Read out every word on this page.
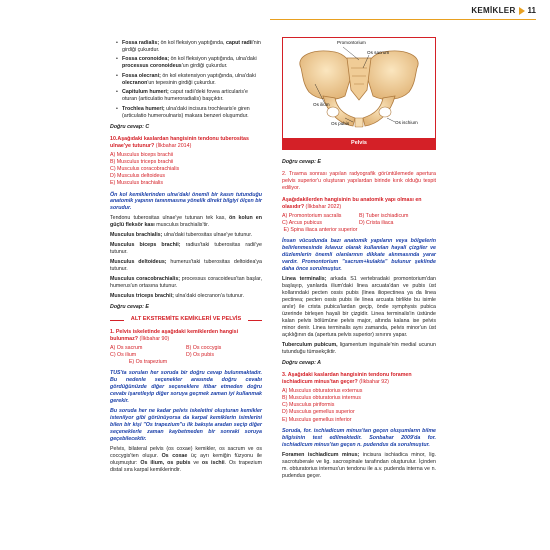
KEMİKLER 11
• Fossa radialis; ön kol fleksiyon yaptığında, caput radii'nin girdiği çukurdur.
• Fossa coronoidea; ön kol fleksiyon yaptığında, ulna'daki processus coronoideus'un girdiği çukurdur.
• Fossa olecrani; ön kol ekstensiyon yaptığında, ulna'daki olecranon'un tepesinin girdiği çukurdur.
• Capitulum humeri; caput radii'deki fovea articularis'e oturan (articulatio humeroradialis) başçıktır.
• Trochlea humeri; ulna'daki incisura trochlearis'e giren (articulatio humeroulnaris) makara benzeri oluşumdur.
Doğru cevap: C
10.Aşağıdaki kaslardan hangisinin tendonu tuberositas ulnae'ye tutunur? (İlkbahar 2014)
A) Musculus biceps brachii
B) Musculus triceps brachii
C) Musculus coracobrachialis
D) Musculus deltoideus
E) Musculus brachialis

Ön kol kemiklerinden ulna'daki önemli bir kasın tutunduğu anatomik yapının tanınmasına yönelik direkt bilgiyi ölçen bir sorudur.

Tendonu tuberositas ulnae'ye tutunan tek kas, ön kolun en güçlü fleksör kası musculus brachialis'tir.

Musculus brachialis; ulna'daki tuberositas ulnae'ye tutunur.

Musculus biceps brachii; radius'taki tuberositas radii'ye tutunur.

Musculus deltoideus; humerus'taki tuberositas deltoidea'ya tutunur.

Musculus coracobrachialis; processus coracoideus'tan başlar, humerus'un ortasına tutunur.

Musculus triceps brachii; ulna'daki olecranon'a tutunur.

Doğru cevap: E
ALT EKSTREMİTE KEMİKLERİ VE PELVİS
1. Pelvis iskeletinde aşağıdaki kemiklerden hangisi bulunmaz? (İlkbahar 90)
A) Os sacrum	B) Os coccygis
C) Os ilium	D) Os pubis
E) Os trapezium

TUS'ta sorulan her soruda bir doğru cevap bulunmaktadır. Bu nedenle seçenekler arasında doğru cevabı gördüğünüzde diğer seçeneklere itibar etmeden doğru cevabı işaretleyip diğer soruya geçmek zaman iyi kullanmak gerekir.

Bu soruda her ne kadar pelvis iskeletini oluşturan kemikler istenilyor gibi görünüyorsa da karpal kemiklerin isimlerini bilen bir kişi "Os trapezium"u ilk bakışta aradan seçip diğer seçeneklerle zaman kaybetmeden bir sonraki soruya geçebilecektir.

Pelvis, bilateral pelvis (os coxae) kemikler, os sacrum ve os coccygis'ten oluşur. Os coxae üç ayrı kemiğin füzyonu ile oluşmuştur: Os ilium, os pubis ve os ischii. Os trapezium distal sıra karpal kemiklerindir.

Promontorium
Os sacrum
Os ilium
Os pubis	Os ischium
Pelvis
Doğru cevap: E

2. Travma sonrası yapılan radyografik görüntülemede apertura pelvis superior'u oluşturan yapılardan birinde kırık olduğu tespit ediliyor.

Aşağıdakilerden hangisinin bu anatomik yapı olması en olasıdır? (İlkbahar 2022)
A) Promontorium sacralis	B) Tuber ischiadicum
C) Arcus pubicus	D) Crista iliaca
E) Spina iliaca anterior superior

İnsan vücudunda bazı anatomik yapıların veya bölgelerin belirlenmesinde kılavuz olarak kullanılan hayali çizgiler ve düzlemlerin önemli olanlarının dikkate alınmasında yarar vardır. Promontorium "sacrum+kulakta" bulunur şeklinde daha önce sorulmuştur.

Linea terminalis; arkada S1 vertebradaki promontorium'dan başlayıp, yanlarda ilium'daki linea arcuata'dan ve pubis üst kollarındaki pecten ossis pubis (linea iliopectinea ya da linea pectinea; pecten ossis pubis ile linea arcuata birlikte bu isimle anılır) ile crista pubica'lardan geçip, önde symphysis pubica üzerinde birleşen hayali bir çizgidir. Linea terminalis'in üstünde kalan pelvis bölümüne pelvis major, altında kalana ise pelvis minor denir. Linea terminalis aynı zamanda, pelvis minor'un üst açıklığının da (apertura pelvis superior) sınırını yapar.

Tuberculum pubicum, ligamentum inguinale'nin medial ucunun tutunduğu tümsekçiktir.

Doğru cevap: A
3. Aşağıdaki kaslardan hangisinin tendonu foramen ischiadicum minus'tan geçer? (İlkbahar 92)
A) Musculus obturatorius externus
B) Musculus obturatorius internus
C) Musculus piriformis
D) Musculus gemellus superior
E) Musculus gemellus inferior

Soruda, for. ischiadicum minus'tan geçen oluşumların bilme bilgisinin test edilmektedir. Sonbahar 2009'da for. ischiadicum minus'tan geçen n. pudendus da sorulmuştur.

Foramen ischiadicum minus; incisura ischiadica minor, lig. sacrotuberale ve lig. sacrospinale tarafından oluşturulur. İçinden m. obturatorius internus'un tendonu ile a.v. pudenda interna ve n. pudendus geçer.
